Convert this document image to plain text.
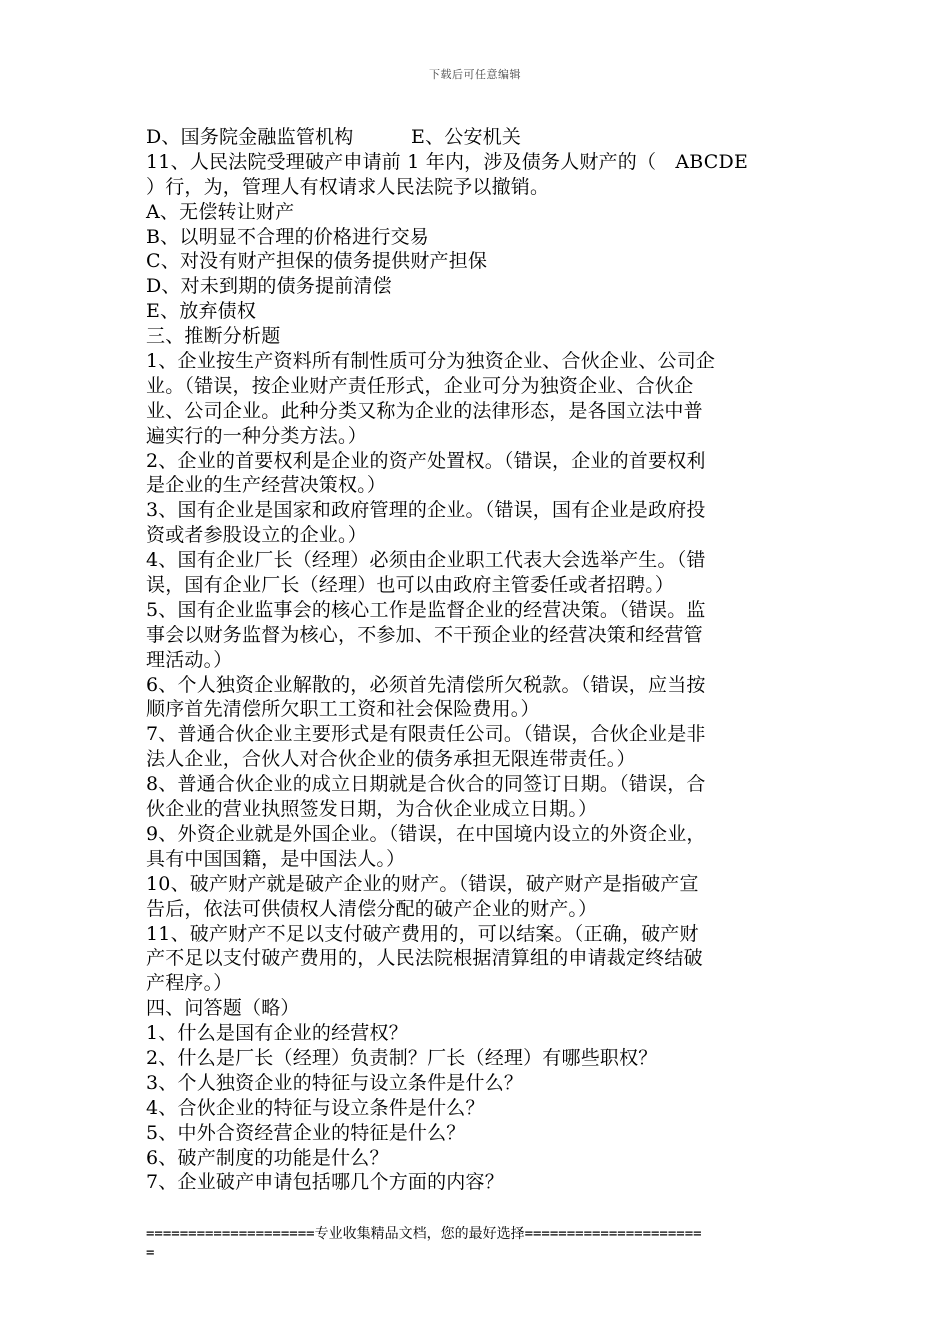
下载后可任意编辑
D、国务院金融监管机构　　　E、公安机关
11、人民法院受理破产申请前 1 年内，涉及债务人财产的（　ABCDE
）行，为，管理人有权请求人民法院予以撤销。
A、无偿转让财产
B、以明显不合理的价格进行交易
C、对没有财产担保的债务提供财产担保
D、对未到期的债务提前清偿
E、放弃债权
三、推断分析题
1、企业按生产资料所有制性质可分为独资企业、合伙企业、公司企
业。（错误，按企业财产责任形式，企业可分为独资企业、合伙企
业、公司企业。此种分类又称为企业的法律形态，是各国立法中普
遍实行的一种分类方法。）
2、企业的首要权利是企业的资产处置权。（错误，企业的首要权利
是企业的生产经营决策权。）
3、国有企业是国家和政府管理的企业。（错误，国有企业是政府投
资或者参股设立的企业。）
4、国有企业厂长（经理）必须由企业职工代表大会选举产生。（错
误，国有企业厂长（经理）也可以由政府主管委任或者招聘。）
5、国有企业监事会的核心工作是监督企业的经营决策。（错误。监
事会以财务监督为核心，不参加、不干预企业的经营决策和经营管
理活动。）
6、个人独资企业解散的，必须首先清偿所欠税款。（错误，应当按
顺序首先清偿所欠职工工资和社会保险费用。）
7、普通合伙企业主要形式是有限责任公司。（错误，合伙企业是非
法人企业，合伙人对合伙企业的债务承担无限连带责任。）
8、普通合伙企业的成立日期就是合伙合的同签订日期。（错误，合
伙企业的营业执照签发日期，为合伙企业成立日期。）
9、外资企业就是外国企业。（错误，在中国境内设立的外资企业，
具有中国国籍，是中国法人。）
10、破产财产就是破产企业的财产。（错误，破产财产是指破产宣
告后，依法可供债权人清偿分配的破产企业的财产。）
11、破产财产不足以支付破产费用的，可以结案。（正确，破产财
产不足以支付破产费用的，人民法院根据清算组的申请裁定终结破
产程序。）
四、问答题（略）
1、什么是国有企业的经营权？
2、什么是厂长（经理）负责制？厂长（经理）有哪些职权？
3、个人独资企业的特征与设立条件是什么？
4、合伙企业的特征与设立条件是什么？
5、中外合资经营企业的特征是什么？
6、破产制度的功能是什么？
7、企业破产申请包括哪几个方面的内容？
====================专业收集精品文档，您的最好选择=====================
=
